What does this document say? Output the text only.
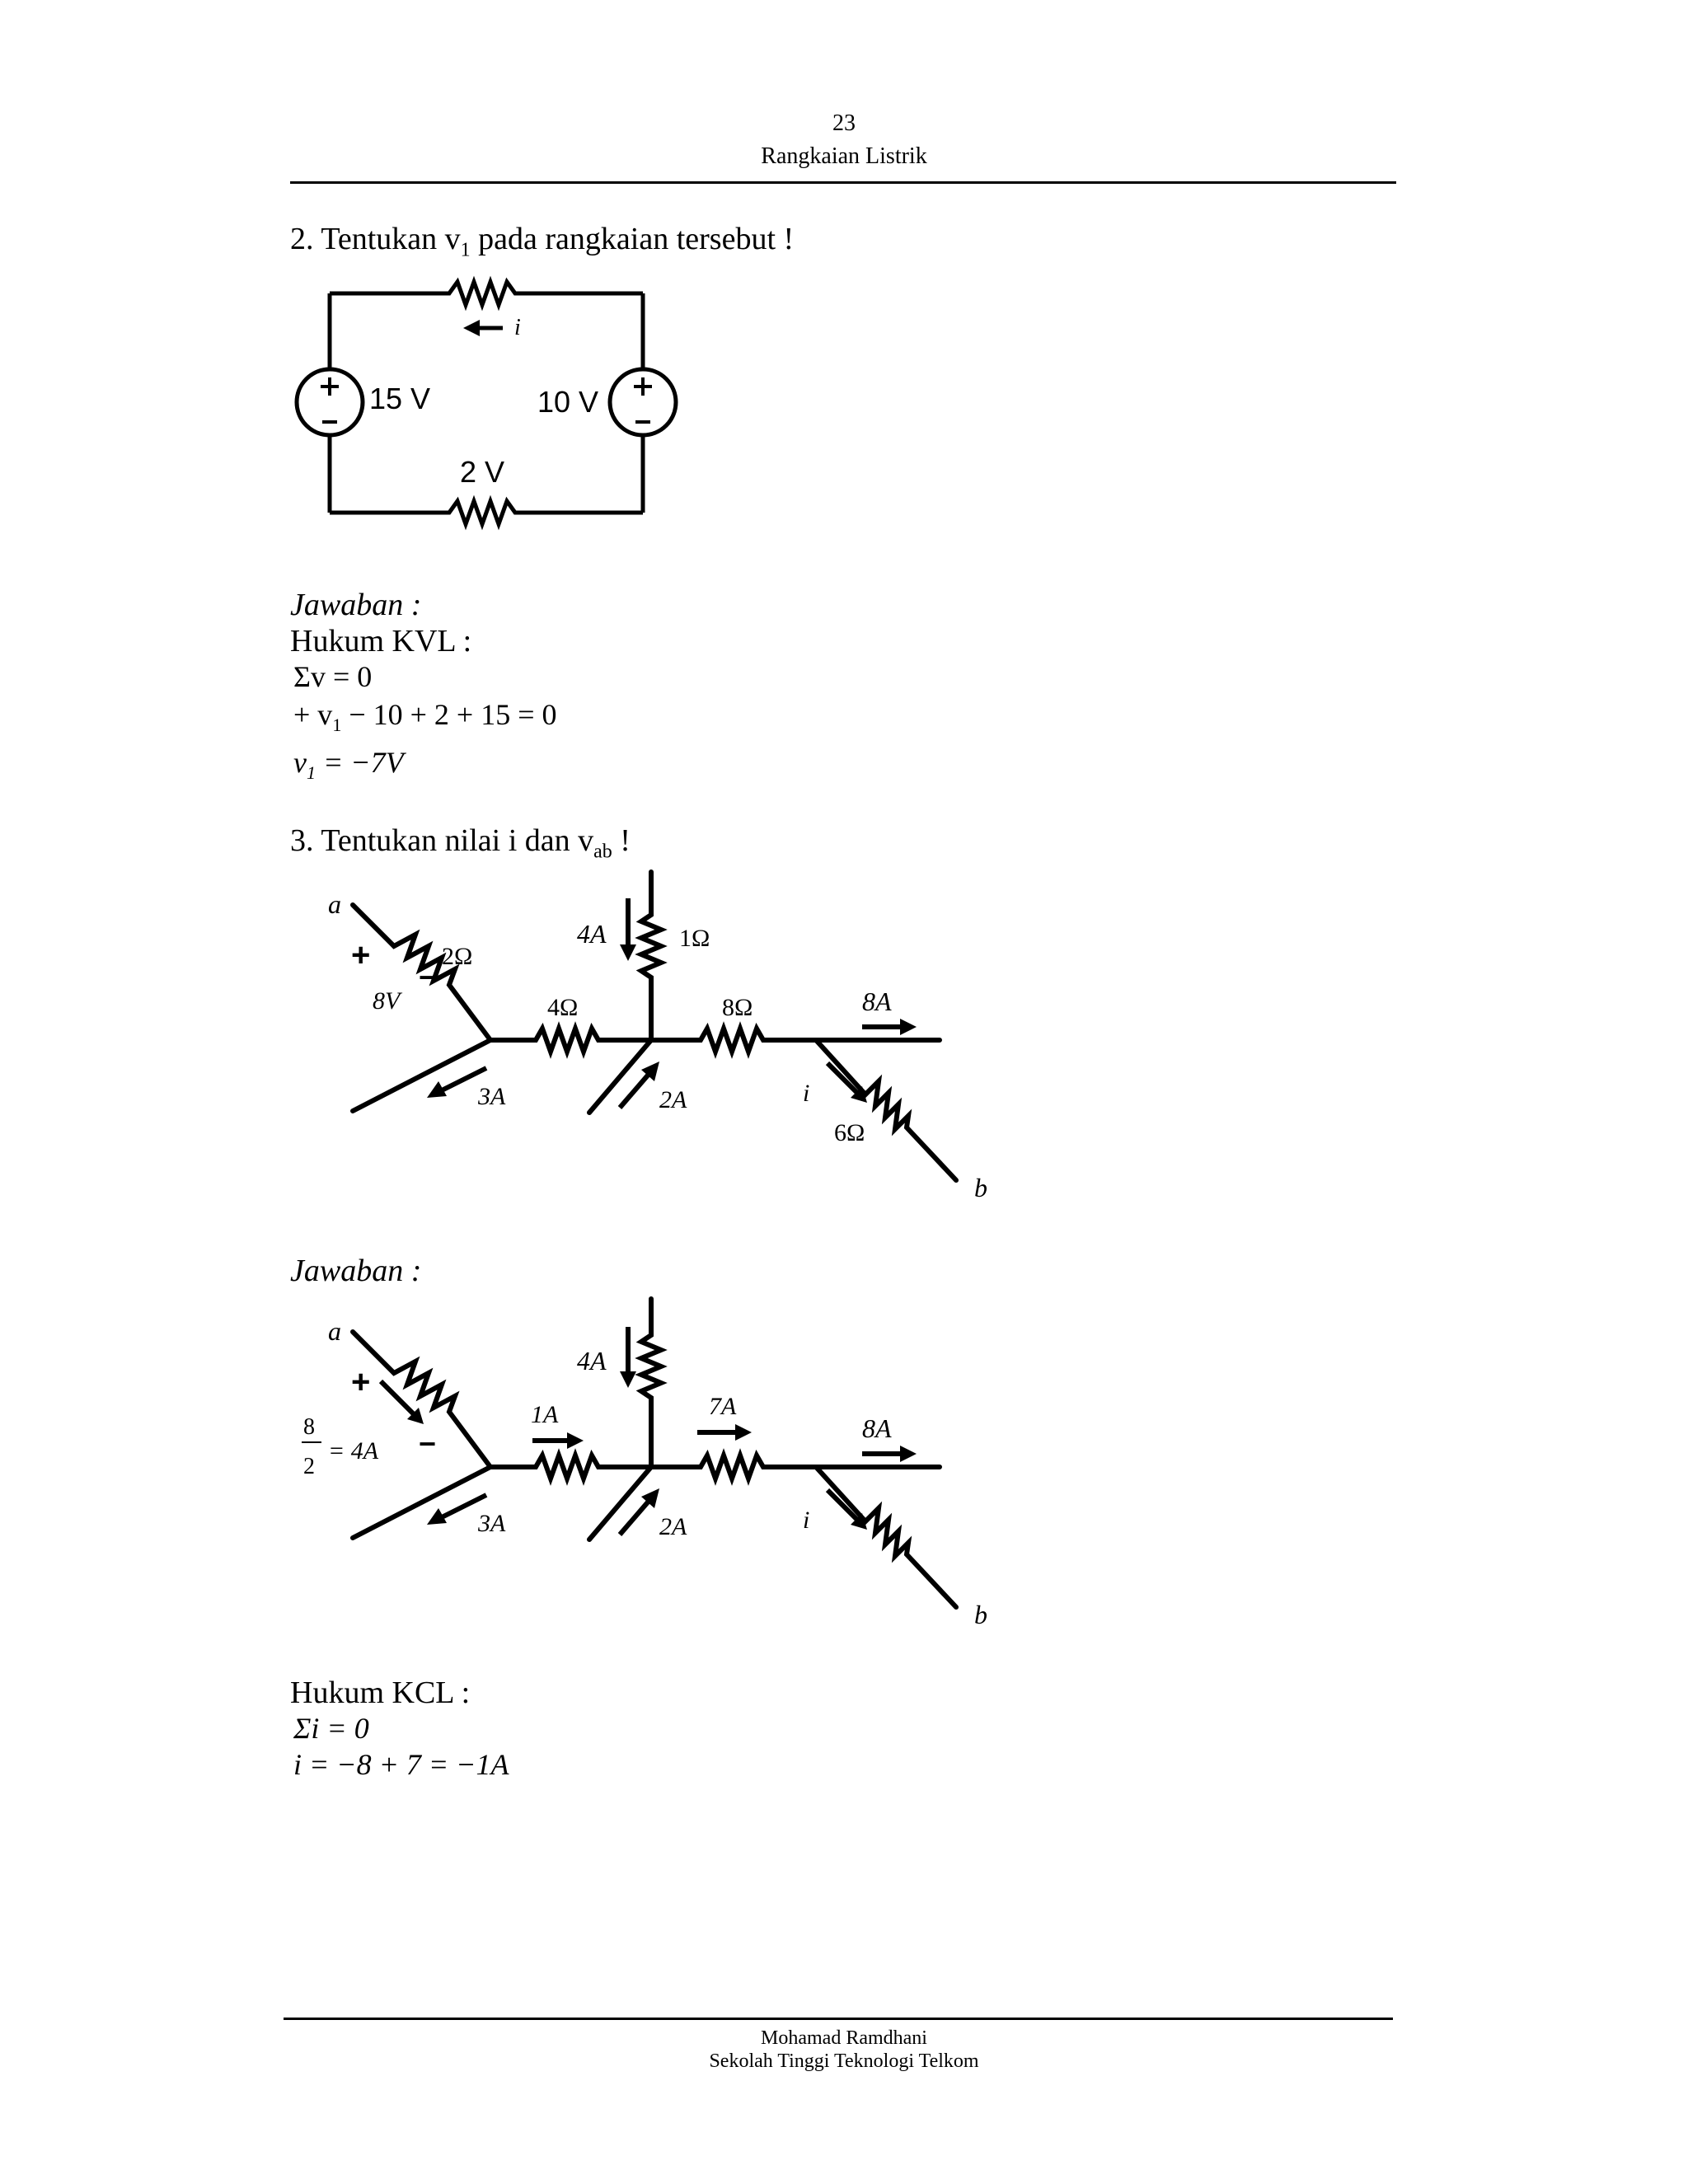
23
Rangkaian Listrik
2. Tentukan $v_1$ pada rangkaian tersebut !
i
15 V	10 V
2 V
Jawaban :
Hukum KVL :
Σv = 0
+ $v_1 - 10 + 2 + 15 = 0$
$v_1 = -7V$
3. Tentukan nilai i dan $v_{ab}$ !
a
+
−
2Ω
8V	4Ω
4A	1Ω
8Ω	8A
3A	2A	i
6Ω
b
Jawaban :
a
+
−
8
2
= 4A
4A
1A	7A
8A
3A	2A	i
b
Hukum KCL :
Σi = 0
i = −8 + 7 = −1A
Mohamad Ramdhani
Sekolah Tinggi Teknologi Telkom
